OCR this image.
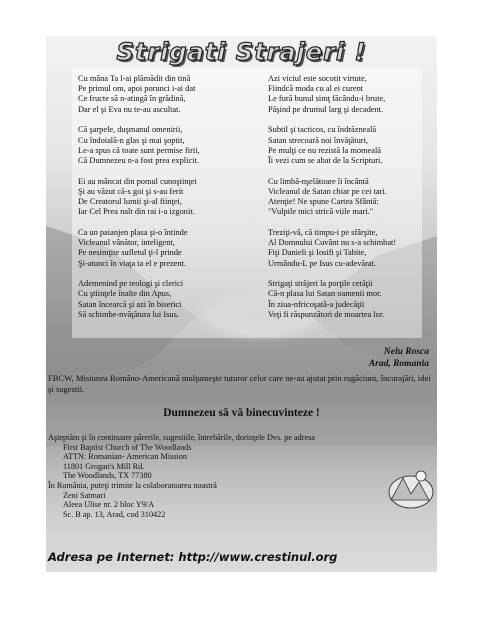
Strigati Strajeri !
Cu mâna Ta l-ai plămădit din tină
Pe primul om, apoi porunci i-ai dat
Ce fructe să n-atingă în grădină,
Dar el şi Eva nu te-au ascultat.
Că şarpele, duşmanul omenirii,
Cu îndoială-n glas şi mai şoptit,
Le-a spus că toate sunt permise firii,
Că Dumnezeu n-a fost prea explicit.
Ei au mâncat din pomul cunoştinţei
Şi au văzut că-s goi şi s-au ferit
De Creatorul lumii şi-al fiinţei,
Iar Cel Prea nalt din rai i-a izgonit.
Ca un paianjen plasa şi-o întinde
Vicleanul vânător, inteligent,
Pe nesimţite sufletul ţi-l prinde
Şi-atunci în viaţa ta el e prezent.
Ademenind pe teologi şi clerici
Cu ştiinţele înalte din Apus,
Satan încearcă şi azi în biserici
Să schimbe-nvăţătura lui Isus.
Azi viciul este socotit virtute,
Fiindcă moda cu al ei curent
Le fură bunul simţ făcându-i brute,
Păşind pe drumul larg şi decadent.
Subtil şi tacticos, cu îndrăzneală
Satan strecoară noi învăţături,
Pe mulţi ce nu rezistă la momeală
Îi vezi cum se abat de la Scripturi.
Cu limbă-nşelătoare îi încântă
Vicleanul de Satan chiar pe cei tari.
Atenţie! Ne spune Cartea Sfântă:
"Vulpile mici strică viile mari."
Treziţi-vă, că timpu-i pe sfârşite,
Al Domnului Cuvânt nu s-a schimbat!
Fiţi Danieli şi Iosifi şi Tabite,
Urmându-L pe Isus cu-adevărat.
Strigaţi străjeri la porţile cetăţii
Că-n plasa lui Satan oamenii mor.
În ziua-nfricoşată-a judecăţii
Veţi fi răspunzători de moartea lor.
Nelu Rosca
Arad, Romania
FBCW, Misiunea Româno-Americană mulţumeşte tuturor celor care ne-au ajutat prin rugăciuni, încurajări, idei şi sugestii.
Dumnezeu să vă binecuvinteze !
Aşteptăm şi în continuare părerile, sugestiile, întrebările, dorinţele Dvs. pe adresa
First Baptist Church of The Woodlands
ATTN: Romanian- American Mission
11801 Grogan's Mill Rd.
The Woodlands, TX 77380
În România, puteţi trimite la colaboratoarea noastră
Zeni Satmari
Aleea Ulise nr. 2 bloc Y9/A
Sc. B ap. 13, Arad, cod 310422
Adresa pe Internet: http://www.crestinul.org
